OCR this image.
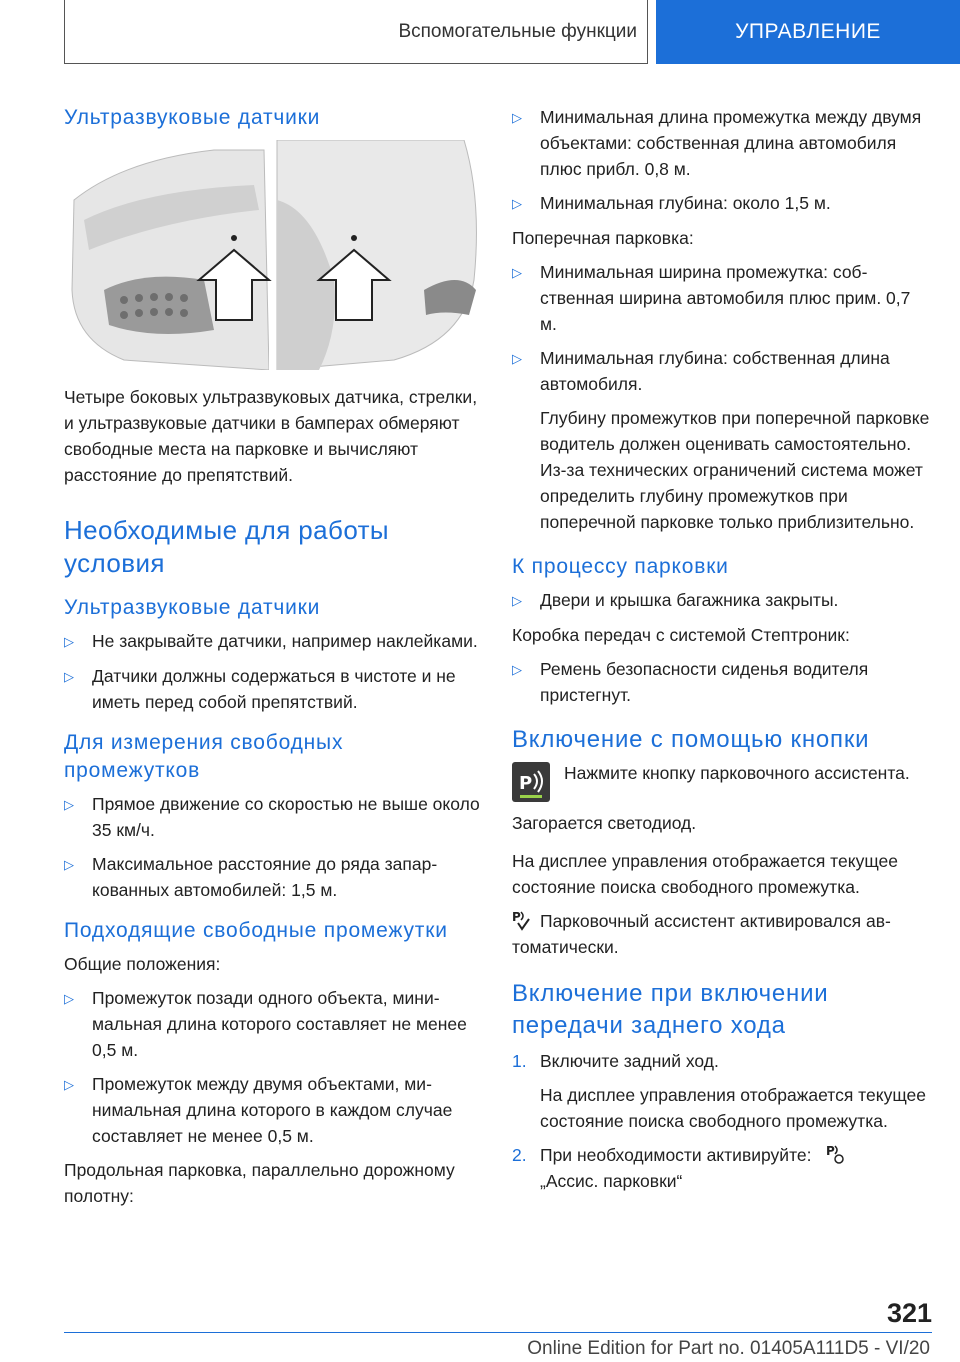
Вспомогательные функции	УПРАВЛЕНИЕ
Ультразвуковые датчики
Четыре боковых ультразвуковых датчика, стрелки, и ультразвуковые датчики в бамперах обмеряют свободные места на парковке и вычисляют расстояние до препятствий.
Необходимые для работы условия
Ультразвуковые датчики
▷	Не закрывайте датчики, например наклейками.
▷	Датчики должны содержаться в чистоте и не иметь перед собой препятствий.
Для измерения свободных промежутков
▷	Прямое движение со скоростью не выше около 35 км/ч.
▷	Максимальное расстояние до ряда запаркованных автомобилей: 1,5 м.
Подходящие свободные промежутки
Общие положения:
▷	Промежуток позади одного объекта, минимальная длина которого составляет не менее 0,5 м.
▷	Промежуток между двумя объектами, минимальная длина которого в каждом случае составляет не менее 0,5 м.
Продольная парковка, параллельно дорожному полотну:
▷	Минимальная длина промежутка между двумя объектами: собственная длина автомобиля плюс прибл. 0,8 м.
▷	Минимальная глубина: около 1,5 м.
Поперечная парковка:
▷	Минимальная ширина промежутка: собственная ширина автомобиля плюс прим. 0,7 м.
▷	Минимальная глубина: собственная длина автомобиля.
Глубину промежутков при поперечной парковке водитель должен оценивать самостоятельно. Из-за технических ограничений система может определить глубину промежутков при поперечной парковке только приблизительно.
К процессу парковки
▷	Двери и крышка багажника закрыты.
Коробка передач с системой Стептроник:
▷	Ремень безопасности сиденья водителя пристегнут.
Включение с помощью кнопки
P Нажмите кнопку парковочного ассистента.
Загорается светодиод.
На дисплее управления отображается текущее состояние поиска свободного промежутка.
P Парковочный ассистент активировался автоматически.
Включение при включении передачи заднего хода
1. Включите задний ход.
На дисплее управления отображается текущее состояние поиска свободного промежутка.
2. При необходимости активируйте: P
„Ассис. парковки“
321
Online Edition for Part no. 01405A111D5 - VI/20
